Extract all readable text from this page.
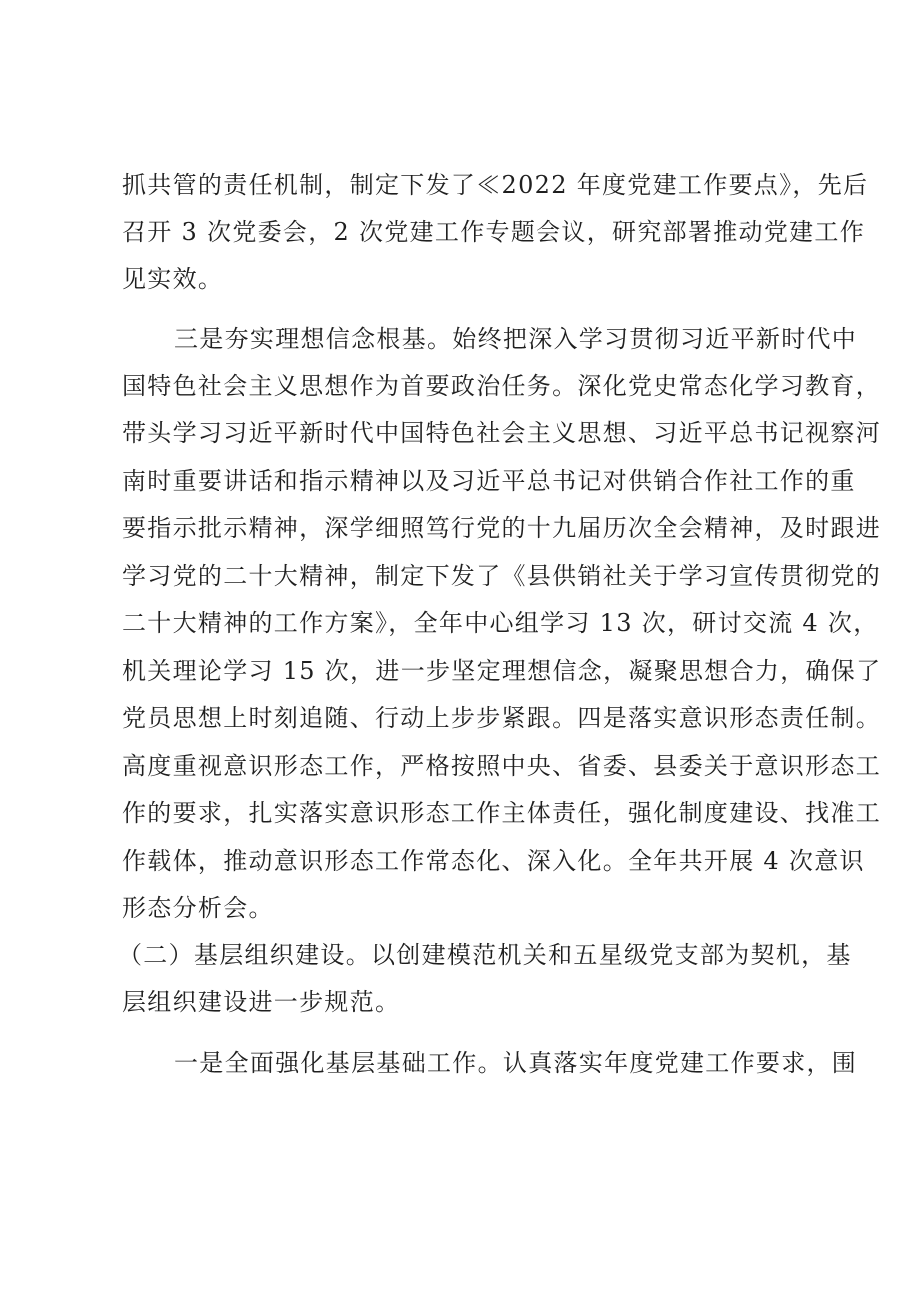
抓共管的责任机制，制定下发了≪2022 年度党建工作要点》，先后
召开 3 次党委会，2 次党建工作专题会议，研究部署推动党建工作
见实效。
三是夯实理想信念根基。始终把深入学习贯彻习近平新时代中
国特色社会主义思想作为首要政治任务。深化党史常态化学习教育，
带头学习习近平新时代中国特色社会主义思想、习近平总书记视察河
南时重要讲话和指示精神以及习近平总书记对供销合作社工作的重
要指示批示精神，深学细照笃行党的十九届历次全会精神，及时跟进
学习党的二十大精神，制定下发了《县供销社关于学习宣传贯彻党的
二十大精神的工作方案》，全年中心组学习 13 次，研讨交流 4 次，
机关理论学习 15 次，进一步坚定理想信念，凝聚思想合力，确保了
党员思想上时刻追随、行动上步步紧跟。四是落实意识形态责任制。
高度重视意识形态工作，严格按照中央、省委、县委关于意识形态工
作的要求，扎实落实意识形态工作主体责任，强化制度建设、找准工
作载体，推动意识形态工作常态化、深入化。全年共开展 4 次意识
形态分析会。
（二）基层组织建设。以创建模范机关和五星级党支部为契机，基
层组织建设进一步规范。
一是全面强化基层基础工作。认真落实年度党建工作要求，围
